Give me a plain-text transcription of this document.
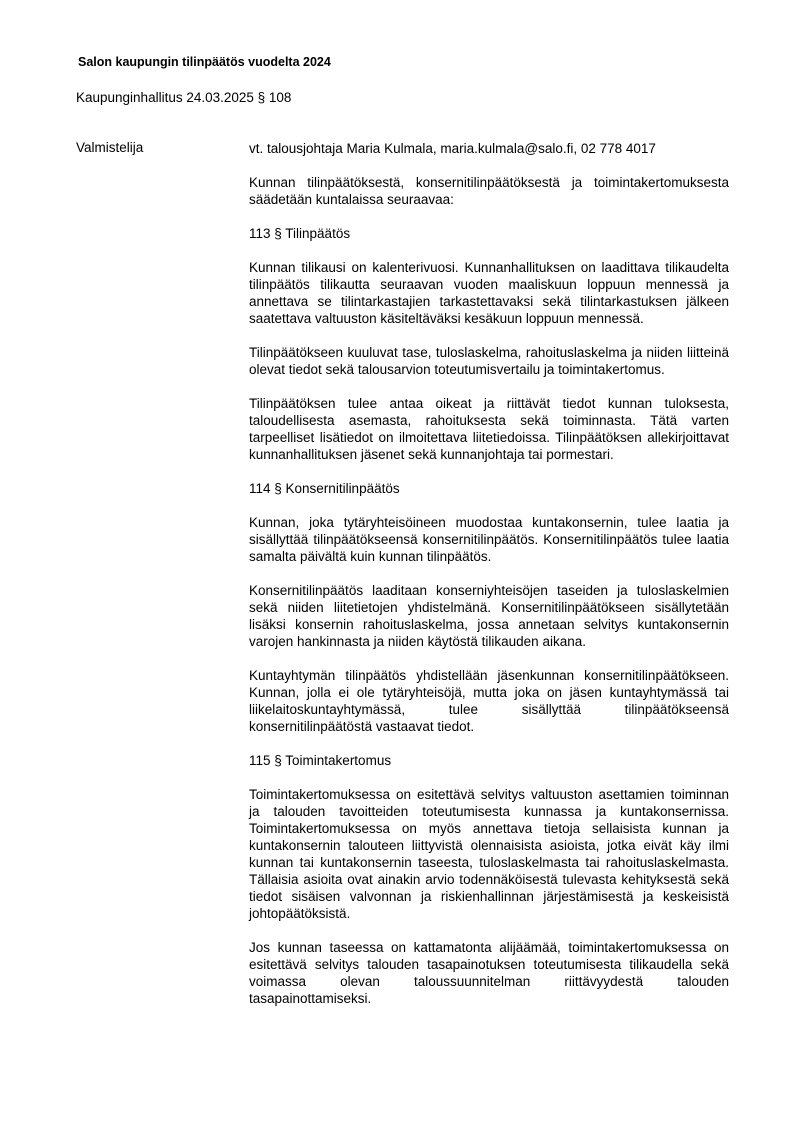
Salon kaupungin tilinpäätös vuodelta 2024
Kaupunginhallitus 24.03.2025 § 108
Valmistelija	vt. talousjohtaja Maria Kulmala, maria.kulmala@salo.fi, 02 778 4017
Kunnan tilinpäätöksestä, konsernitilinpäätöksestä ja toimintakertomuksesta säädetään kuntalaissa seuraavaa:
113 § Tilinpäätös
Kunnan tilikausi on kalenterivuosi. Kunnanhallituksen on laadittava tilikaudelta tilinpäätös tilikautta seuraavan vuoden maaliskuun loppuun mennessä ja annettava se tilintarkastajien tarkastettavaksi sekä tilintarkastuksen jälkeen saatettava valtuuston käsiteltäväksi kesäkuun loppuun mennessä.
Tilinpäätökseen kuuluvat tase, tuloslaskelma, rahoituslaskelma ja niiden liitteinä olevat tiedot sekä talousarvion toteutumisvertailu ja toimintakertomus.
Tilinpäätöksen tulee antaa oikeat ja riittävät tiedot kunnan tuloksesta, taloudellisesta asemasta, rahoituksesta sekä toiminnasta. Tätä varten tarpeelliset lisätiedot on ilmoitettava liitetiedoissa. Tilinpäätöksen allekirjoittavat kunnanhallituksen jäsenet sekä kunnanjohtaja tai pormestari.
114 § Konsernitilinpäätös
Kunnan, joka tytäryhteisöineen muodostaa kuntakonsernin, tulee laatia ja sisällyttää tilinpäätökseensä konsernitilinpäätös. Konsernitilinpäätös tulee laatia samalta päivältä kuin kunnan tilinpäätös.
Konsernitilinpäätös laaditaan konserniyhteisöjen taseiden ja tuloslaskelmien sekä niiden liitetietojen yhdistelmänä. Konsernitilinpäätökseen sisällytetään lisäksi konsernin rahoituslaskelma, jossa annetaan selvitys kuntakonsernin varojen hankinnasta ja niiden käytöstä tilikauden aikana.
Kuntayhtymän tilinpäätös yhdistellään jäsenkunnan konsernitilinpäätökseen. Kunnan, jolla ei ole tytäryhteisöjä, mutta joka on jäsen kuntayhtymässä tai liikelaitoskuntayhtymässä, tulee sisällyttää tilinpäätökseensä konsernitilinpäätöstä vastaavat tiedot.
115 § Toimintakertomus
Toimintakertomuksessa on esitettävä selvitys valtuuston asettamien toiminnan ja talouden tavoitteiden toteutumisesta kunnassa ja kuntakonsernissa. Toimintakertomuksessa on myös annettava tietoja sellaisista kunnan ja kuntakonsernin talouteen liittyvistä olennaisista asioista, jotka eivät käy ilmi kunnan tai kuntakonsernin taseesta, tuloslaskelmasta tai rahoituslaskelmasta. Tällaisia asioita ovat ainakin arvio todennäköisestä tulevasta kehityksestä sekä tiedot sisäisen valvonnan ja riskienhallinnan järjestämisestä ja keskeisistä johtopäätöksistä.
Jos kunnan taseessa on kattamatonta alijäämää, toimintakertomuksessa on esitettävä selvitys talouden tasapainotuksen toteutumisesta tilikaudella sekä voimassa olevan taloussuunnitelman riittävyydestä talouden tasapainottamiseksi.
